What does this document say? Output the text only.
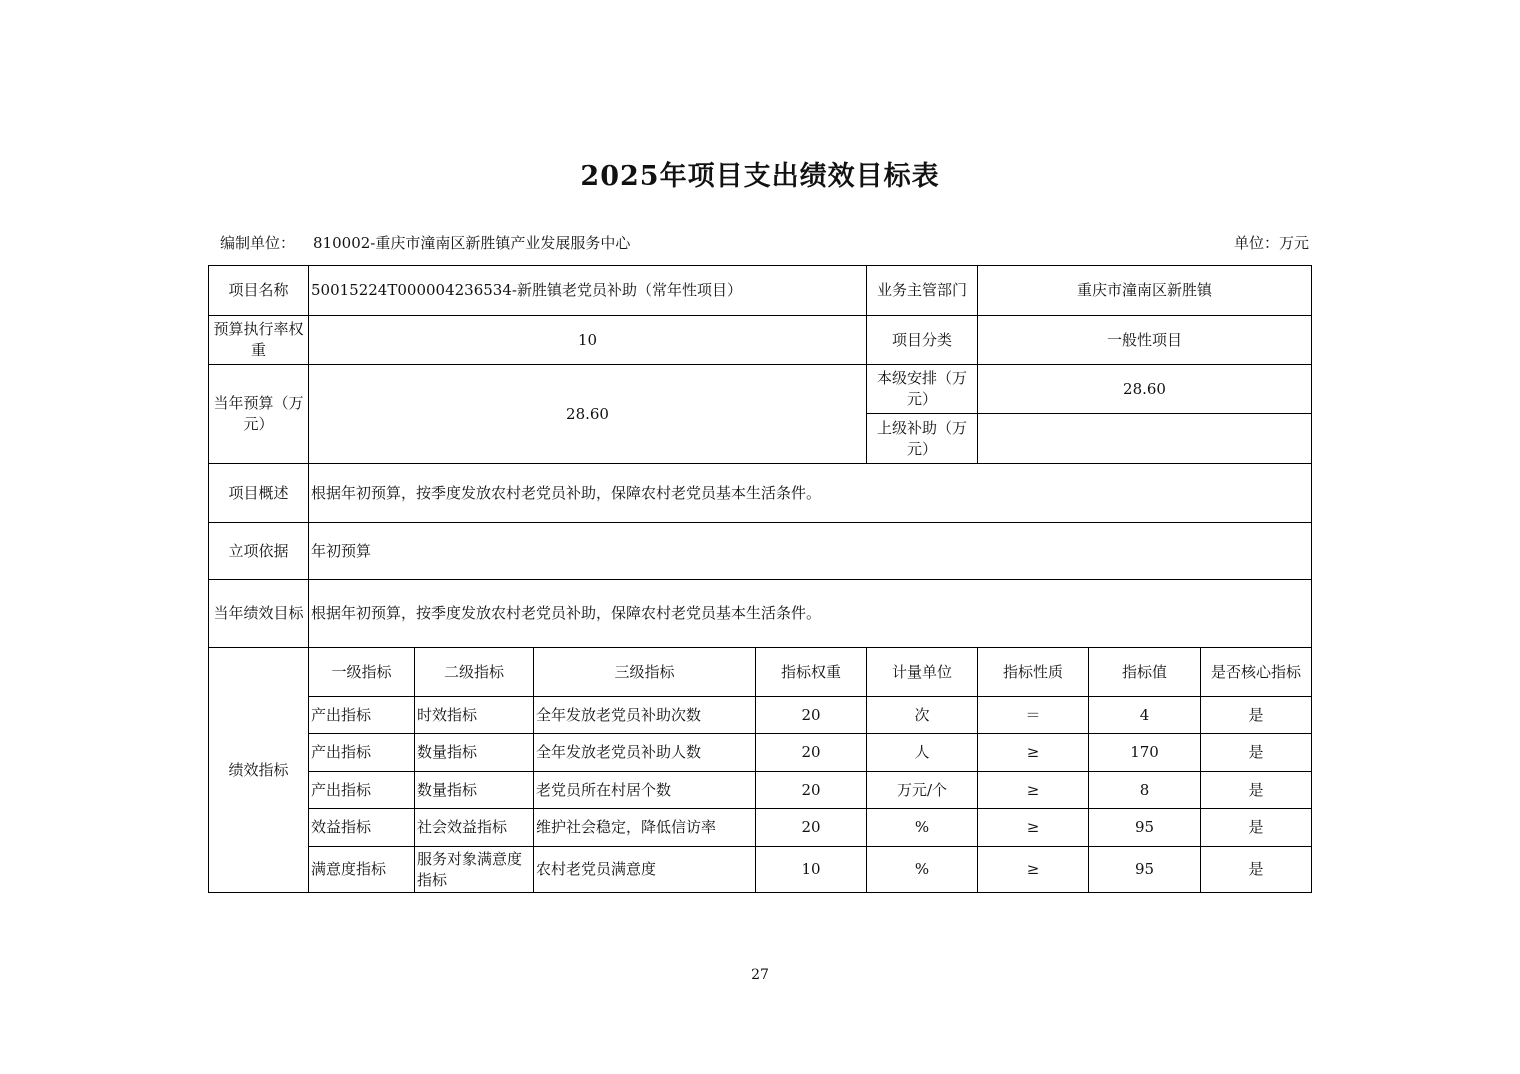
2025年项目支出绩效目标表
编制单位： 810002-重庆市潼南区新胜镇产业发展服务中心	单位：万元
项目名称	50015224T000004236534-新胜镇老党员补助（常年性项目）				业务主管部门	重庆市潼南区新胜镇		
预算执行率权重	10				项目分类	一般性项目		
当年预算（万元）	28.60				本级安排（万元）	28.60		
					上级补助（万元）			
项目概述	根据年初预算，按季度发放农村老党员补助，保障农村老党员基本生活条件。							
立项依据	年初预算							
当年绩效目标	根据年初预算，按季度发放农村老党员补助，保障农村老党员基本生活条件。							
绩效指标	一级指标	二级指标	三级指标	指标权重	计量单位	指标性质	指标值	是否核心指标
	产出指标	时效指标	全年发放老党员补助次数	20	次	＝	4	是
	产出指标	数量指标	全年发放老党员补助人数	20	人	≥	170	是
	产出指标	数量指标	老党员所在村居个数	20	万元/个	≥	8	是
	效益指标	社会效益指标	维护社会稳定，降低信访率	20	%	≥	95	是
	满意度指标	服务对象满意度指标	农村老党员满意度	10	%	≥	95	是
27
